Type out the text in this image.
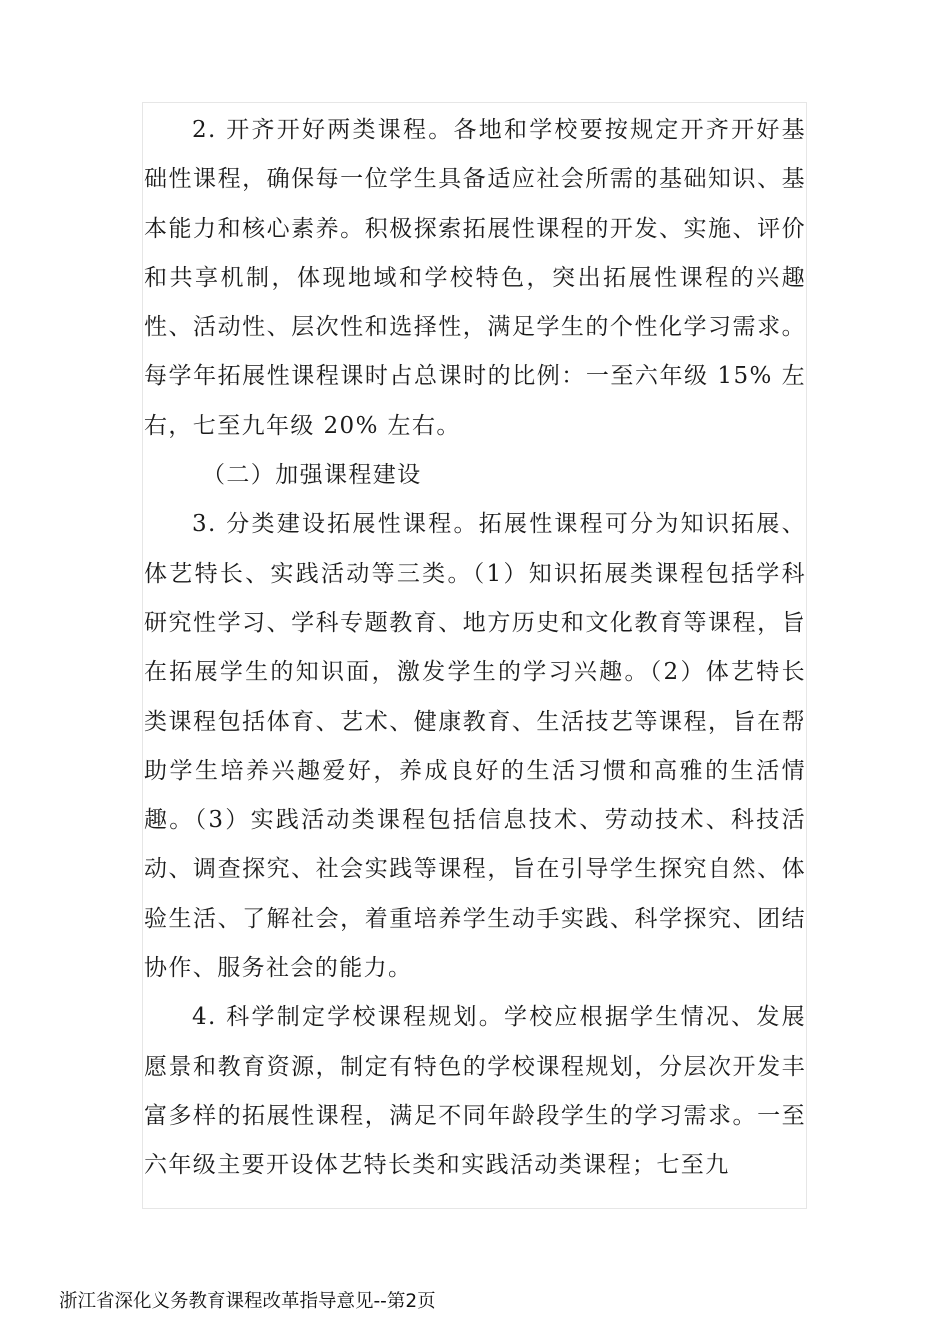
2. 开齐开好两类课程。各地和学校要按规定开齐开好基础性课程，确保每一位学生具备适应社会所需的基础知识、基本能力和核心素养。积极探索拓展性课程的开发、实施、评价和共享机制，体现地域和学校特色，突出拓展性课程的兴趣性、活动性、层次性和选择性，满足学生的个性化学习需求。每学年拓展性课程课时占总课时的比例：一至六年级 15% 左右，七至九年级 20% 左右。

（二）加强课程建设

3. 分类建设拓展性课程。拓展性课程可分为知识拓展、体艺特长、实践活动等三类。（1）知识拓展类课程包括学科研究性学习、学科专题教育、地方历史和文化教育等课程，旨在拓展学生的知识面，激发学生的学习兴趣。（2）体艺特长类课程包括体育、艺术、健康教育、生活技艺等课程，旨在帮助学生培养兴趣爱好，养成良好的生活习惯和高雅的生活情趣。（3）实践活动类课程包括信息技术、劳动技术、科技活动、调查探究、社会实践等课程，旨在引导学生探究自然、体验生活、了解社会，着重培养学生动手实践、科学探究、团结协作、服务社会的能力。

4. 科学制定学校课程规划。学校应根据学生情况、发展愿景和教育资源，制定有特色的学校课程规划，分层次开发丰富多样的拓展性课程，满足不同年龄段学生的学习需求。一至六年级主要开设体艺特长类和实践活动类课程；七至九

浙江省深化义务教育课程改革指导意见--第2页
